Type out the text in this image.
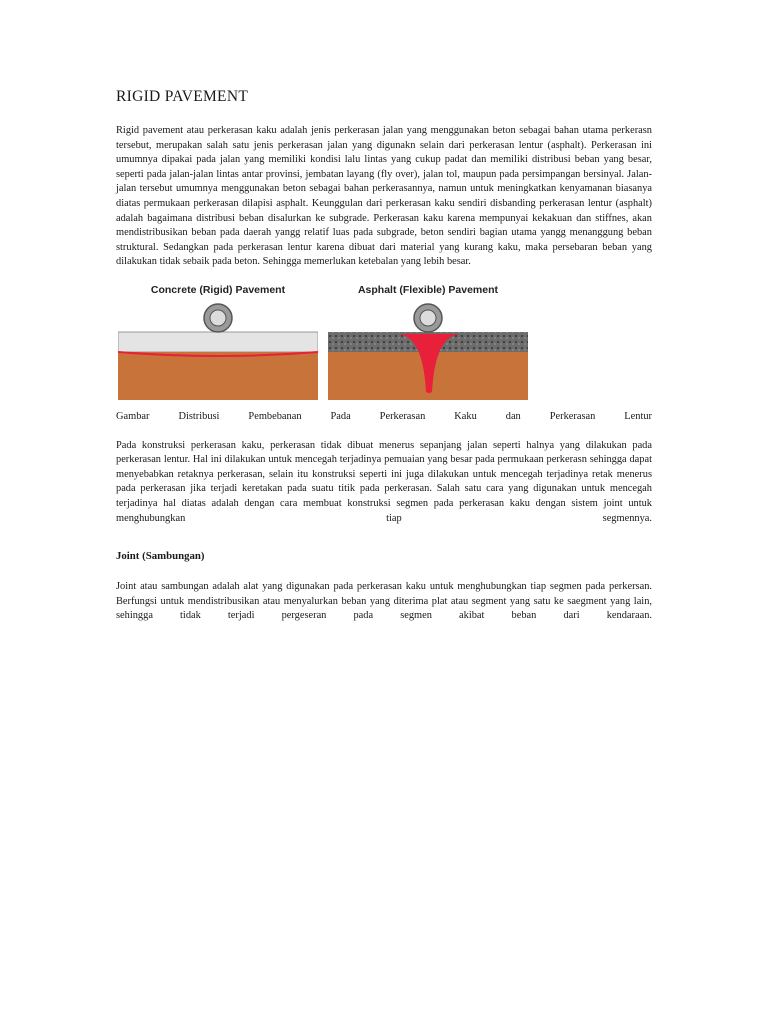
RIGID PAVEMENT

Rigid pavement atau perkerasan kaku adalah jenis perkerasan jalan yang menggunakan beton sebagai bahan utama perkerasn tersebut, merupakan salah satu jenis perkerasan jalan yang digunakn selain dari perkerasan lentur (asphalt). Perkerasan ini umumnya dipakai pada jalan yang memiliki kondisi lalu lintas yang cukup padat dan memiliki distribusi beban yang besar, seperti pada jalan-jalan lintas antar provinsi, jembatan layang (fly over), jalan tol, maupun pada persimpangan bersinyal. Jalan-jalan tersebut umumnya menggunakan beton sebagai bahan perkerasannya, namun untuk meningkatkan kenyamanan biasanya diatas permukaan perkerasan dilapisi asphalt. Keunggulan dari perkerasan kaku sendiri disbanding perkerasan lentur (asphalt) adalah bagaimana distribusi beban disalurkan ke subgrade. Perkerasan kaku karena mempunyai kekakuan dan stiffnes, akan mendistribusikan beban pada daerah yangg relatif luas pada subgrade, beton sendiri bagian utama yangg menanggung beban struktural. Sedangkan pada perkerasan lentur karena dibuat dari material yang kurang kaku, maka persebaran beban yang dilakukan tidak sebaik pada beton. Sehingga memerlukan ketebalan yang lebih besar.

Concrete (Rigid) Pavement	Asphalt (Flexible) Pavement
Gambar Distribusi Pembebanan Pada Perkerasan Kaku dan Perkerasan Lentur

Pada konstruksi perkerasan kaku, perkerasan tidak dibuat menerus sepanjang jalan seperti halnya yang dilakukan pada perkerasan lentur. Hal ini dilakukan untuk mencegah terjadinya pemuaian yang besar pada permukaan perkerasn sehingga dapat menyebabkan retaknya perkerasan, selain itu konstruksi seperti ini juga dilakukan untuk mencegah terjadinya retak menerus pada perkerasan jika terjadi keretakan pada suatu titik pada perkerasan. Salah satu cara yang digunakan untuk mencegah terjadinya hal diatas adalah dengan cara membuat konstruksi segmen pada perkerasan kaku dengan sistem joint untuk menghubungkan tiap segmennya.

Joint (Sambungan)

Joint atau sambungan adalah alat yang digunakan pada perkerasan kaku untuk menghubungkan tiap segmen pada perkersan. Berfungsi untuk mendistribusikan atau menyalurkan beban yang diterima plat atau segment yang satu ke saegment yang lain, sehingga tidak terjadi pergeseran pada segmen akibat beban dari kendaraan.
